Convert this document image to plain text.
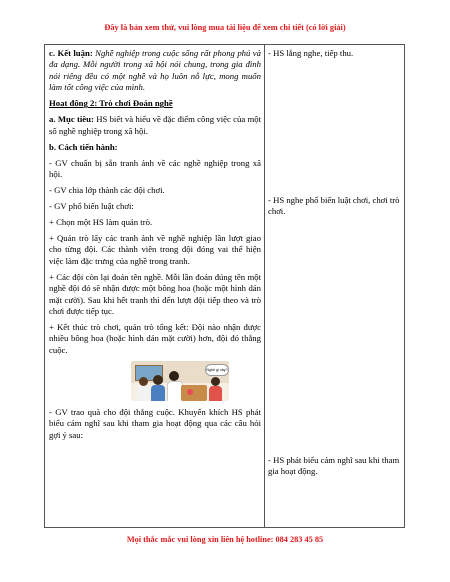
Đây là bản xem thử, vui lòng mua tài liệu để xem chi tiết (có lời giải)

c. Kết luận: Nghề nghiệp trong cuộc sống rất phong phú và đa dạng. Mỗi người trong xã hội nói chung, trong gia đình nói riêng đều có một nghề và họ luôn nỗ lực, mong muốn làm tốt công việc của mình.

Hoạt động 2: Trò chơi Đoán nghề

a. Mục tiêu: HS biết và hiểu về đặc điểm công việc của một số nghề nghiệp trong xã hội.

b. Cách tiến hành:

- GV chuẩn bị sẵn tranh ảnh về các nghề nghiệp trong xã hội.

- GV chia lớp thành các đội chơi.

- GV phổ biến luật chơi:

+ Chọn một HS làm quản trò.

+ Quản trò lấy các tranh ảnh về nghề nghiệp lần lượt giao cho từng đội. Các thành viên trong đội đóng vai thể hiện việc làm đặc trưng của nghề trong tranh.

+ Các đội còn lại đoán tên nghề. Mỗi lần đoán đúng tên một nghề đội đó sẽ nhận được một bông hoa (hoặc một hình dán mặt cười). Sau khi hết tranh thì đến lượt đội tiếp theo và trò chơi được tiếp tục.

+ Kết thúc trò chơi, quản trò tổng kết: Đội nào nhận được nhiều bông hoa (hoặc hình dán mặt cười) hơn, đội đó thắng cuộc.

Nghề gì vậy?

- GV trao quà cho đội thắng cuộc. Khuyến khích HS phát biểu cảm nghĩ sau khi tham gia hoạt động qua các câu hỏi gợi ý sau:

- HS lắng nghe, tiếp thu.
- HS nghe phổ biến luật chơi, chơi trò chơi.
- HS phát biểu cảm nghĩ sau khi tham gia hoạt động.
Mọi thắc mắc vui lòng xin liên hệ hotline: 084 283 45 85
